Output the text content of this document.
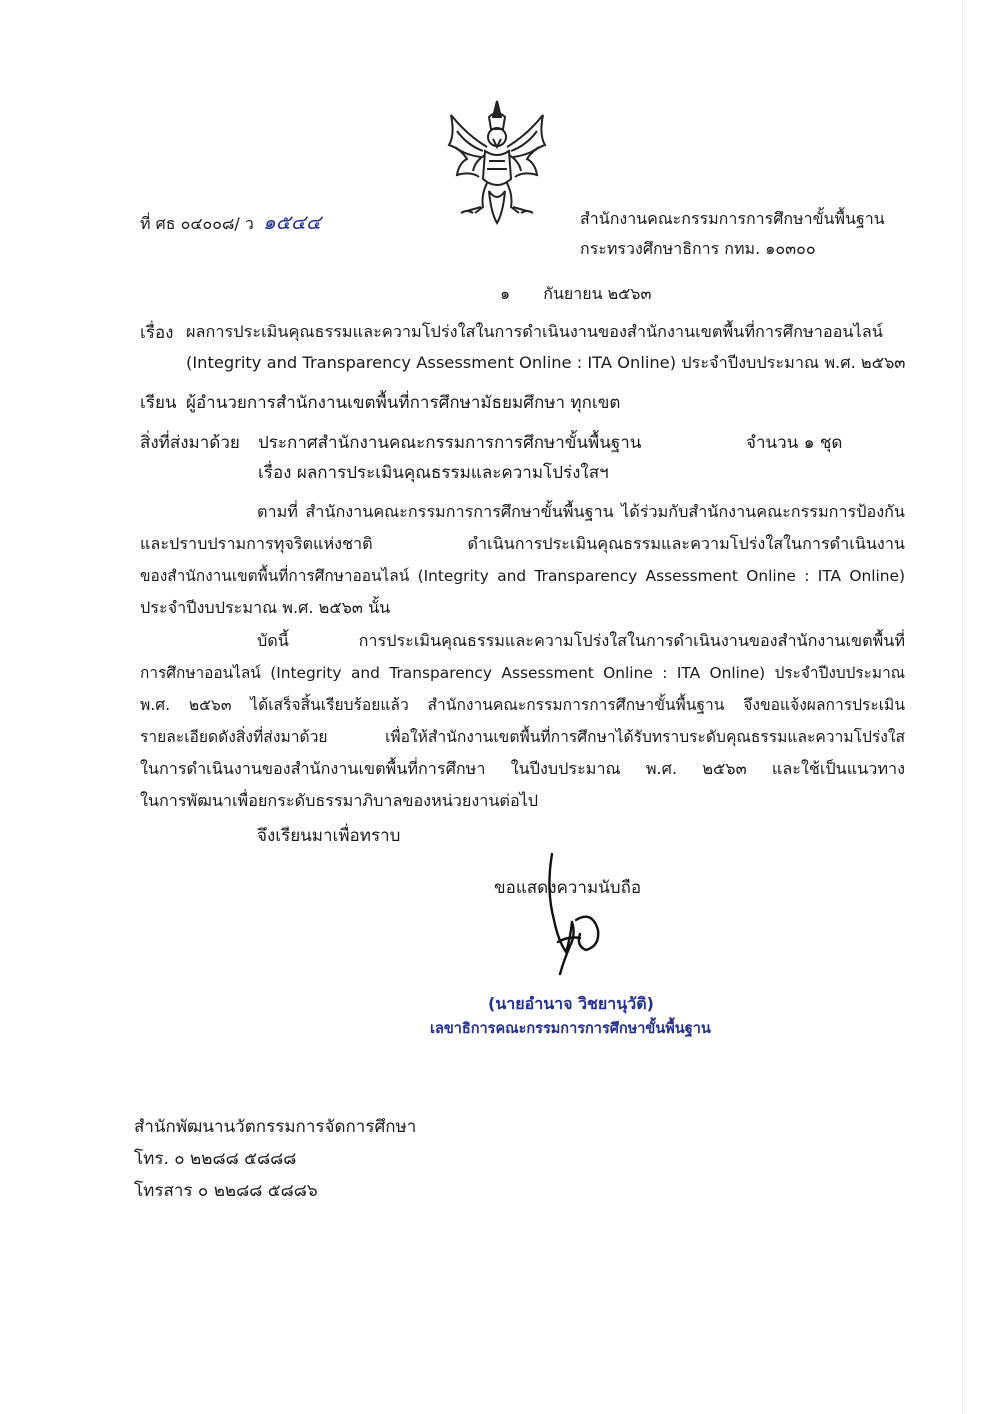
ที่ ศธ ๐๔๐๐๘/ ว ๑๕๔๔	สำนักงานคณะกรรมการการศึกษาขั้นพื้นฐาน
กระทรวงศึกษาธิการ กทม. ๑๐๓๐๐
๑ กันยายน ๒๕๖๓
เรื่อง ผลการประเมินคุณธรรมและความโปร่งใสในการดำเนินงานของสำนักงานเขตพื้นที่การศึกษาออนไลน์
(Integrity and Transparency Assessment Online : ITA Online) ประจำปีงบประมาณ พ.ศ. ๒๕๖๓
เรียน ผู้อำนวยการสำนักงานเขตพื้นที่การศึกษามัธยมศึกษา ทุกเขต
สิ่งที่ส่งมาด้วย ประกาศสำนักงานคณะกรรมการการศึกษาขั้นพื้นฐาน	จำนวน ๑ ชุด
เรื่อง ผลการประเมินคุณธรรมและความโปร่งใสฯ
ตามที่ สำนักงานคณะกรรมการการศึกษาขั้นพื้นฐาน ได้ร่วมกับสำนักงานคณะกรรมการป้องกัน
และปราบปรามการทุจริตแห่งชาติ ดำเนินการประเมินคุณธรรมและความโปร่งใสในการดำเนินงาน
ของสำนักงานเขตพื้นที่การศึกษาออนไลน์ (Integrity and Transparency Assessment Online : ITA Online)
ประจำปีงบประมาณ พ.ศ. ๒๕๖๓ นั้น
บัดนี้ การประเมินคุณธรรมและความโปร่งใสในการดำเนินงานของสำนักงานเขตพื้นที่
การศึกษาออนไลน์ (Integrity and Transparency Assessment Online : ITA Online) ประจำปีงบประมาณ
พ.ศ. ๒๕๖๓ ได้เสร็จสิ้นเรียบร้อยแล้ว สำนักงานคณะกรรมการการศึกษาขั้นพื้นฐาน จึงขอแจ้งผลการประเมิน
รายละเอียดดังสิ่งที่ส่งมาด้วย เพื่อให้สำนักงานเขตพื้นที่การศึกษาได้รับทราบระดับคุณธรรมและความโปร่งใส
ในการดำเนินงานของสำนักงานเขตพื้นที่การศึกษา ในปีงบประมาณ พ.ศ. ๒๕๖๓ และใช้เป็นแนวทาง
ในการพัฒนาเพื่อยกระดับธรรมาภิบาลของหน่วยงานต่อไป
จึงเรียนมาเพื่อทราบ
ขอแสดงความนับถือ
(นายอำนาจ วิชยานุวัติ)
เลขาธิการคณะกรรมการการศึกษาขั้นพื้นฐาน
สำนักพัฒนานวัตกรรมการจัดการศึกษา
โทร. ๐ ๒๒๘๘ ๕๘๘๘
โทรสาร ๐ ๒๒๘๘ ๕๘๘๖
